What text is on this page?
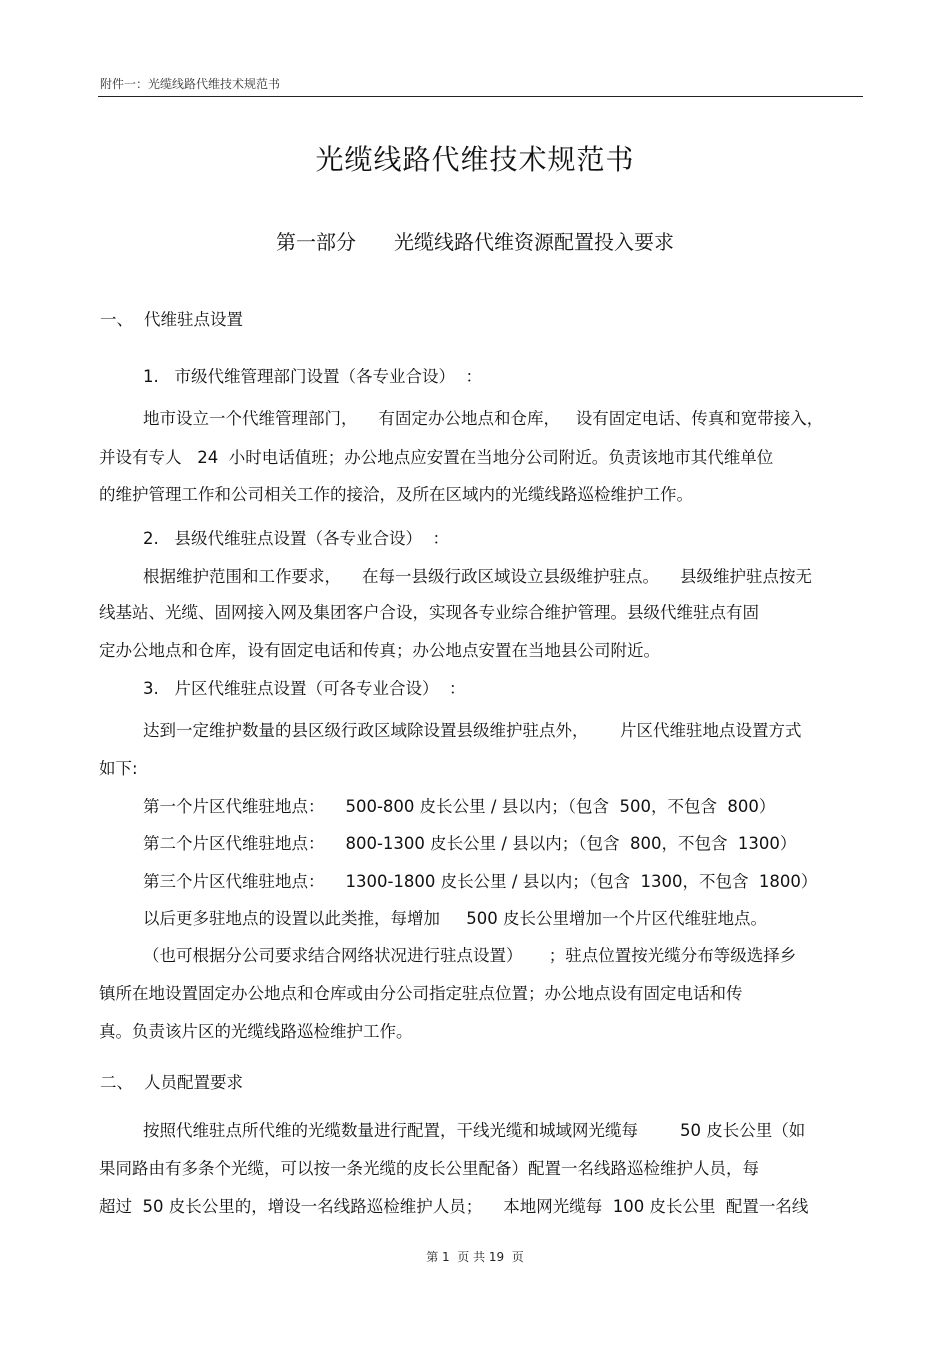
附件一：光缆线路代维技术规范书
光缆线路代维技术规范书
第一部分 光缆线路代维资源配置投入要求
一、 代维驻点设置
1.   市级代维管理部门设置（各专业合设）  ：
地市设立一个代维管理部门，    有固定办公地点和仓库，   设有固定电话、传真和宽带接入，
并设有专人   24  小时电话值班；办公地点应安置在当地分公司附近。负责该地市其代维单位
的维护管理工作和公司相关工作的接洽，及所在区域内的光缆线路巡检维护工作。
2.   县级代维驻点设置（各专业合设）  ：
根据维护范围和工作要求，    在每一县级行政区域设立县级维护驻点。    县级维护驻点按无
线基站、光缆、固网接入网及集团客户合设，实现各专业综合维护管理。县级代维驻点有固
定办公地点和仓库，设有固定电话和传真；办公地点安置在当地县公司附近。
3.   片区代维驻点设置（可各专业合设）  ：
达到一定维护数量的县区级行政区域除设置县级维护驻点外，      片区代维驻地点设置方式
如下:
第一个片区代维驻地点：    500-800 皮长公里 / 县以内；（包含  500，不包含  800）
第二个片区代维驻地点：    800-1300 皮长公里 / 县以内；（包含  800，不包含  1300）
第三个片区代维驻地点：    1300-1800 皮长公里 / 县以内；（包含  1300，不包含  1800）
以后更多驻地点的设置以此类推，每增加     500 皮长公里增加一个片区代维驻地点。
（也可根据分公司要求结合网络状况进行驻点设置）     ；驻点位置按光缆分布等级选择乡
镇所在地设置固定办公地点和仓库或由分公司指定驻点位置；办公地点设有固定电话和传
真。负责该片区的光缆线路巡检维护工作。
二、 人员配置要求
按照代维驻点所代维的光缆数量进行配置，干线光缆和城域网光缆每        50 皮长公里（如
果同路由有多条个光缆，可以按一条光缆的皮长公里配备）配置一名线路巡检维护人员，每
超过  50 皮长公里的，增设一名线路巡检维护人员；    本地网光缆每  100 皮长公里  配置一名线
第 1  页 共 19  页
